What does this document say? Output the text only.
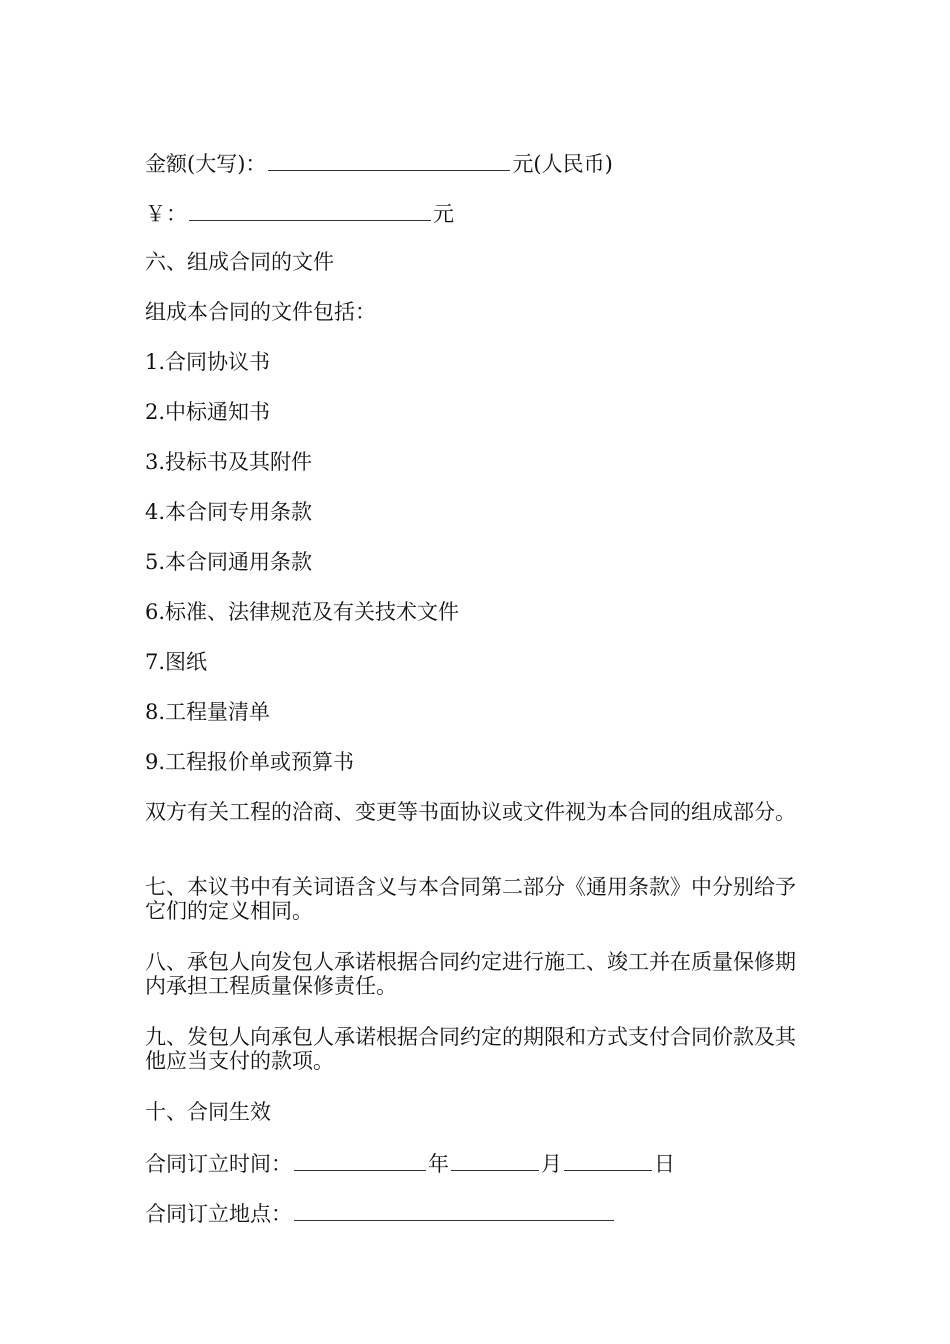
金额(大写)：	元(人民币)
￥：	元
六、组成合同的文件
组成本合同的文件包括：
1.合同协议书
2.中标通知书
3.投标书及其附件
4.本合同专用条款
5.本合同通用条款
6.标准、法律规范及有关技术文件
7.图纸
8.工程量清单
9.工程报价单或预算书
双方有关工程的洽商、变更等书面协议或文件视为本合同的组成部分。
七、本议书中有关词语含义与本合同第二部分《通用条款》中分别给予它们的定义相同。
八、承包人向发包人承诺根据合同约定进行施工、竣工并在质量保修期内承担工程质量保修责任。
九、发包人向承包人承诺根据合同约定的期限和方式支付合同价款及其他应当支付的款项。
十、合同生效
合同订立时间：	年	月	日
合同订立地点：
